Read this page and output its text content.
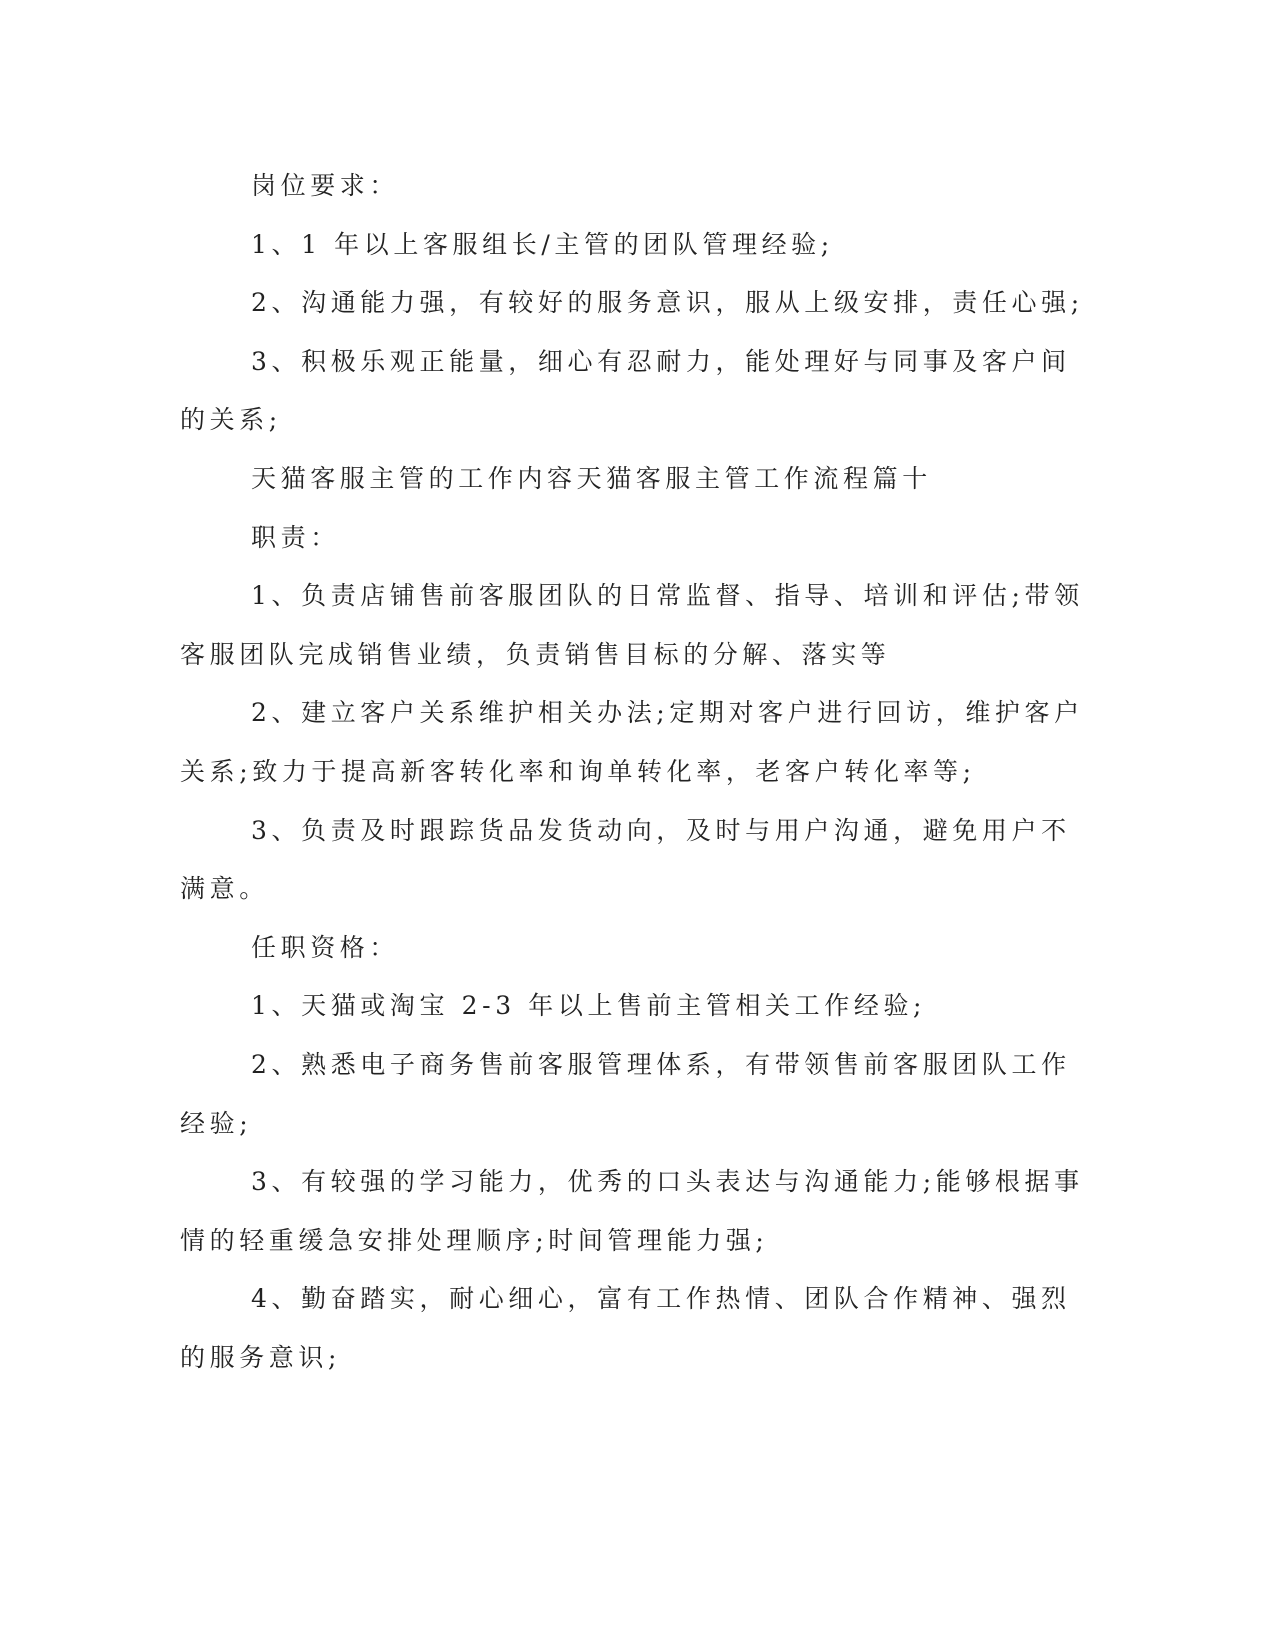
岗位要求：
1、1 年以上客服组长/主管的团队管理经验;
2、沟通能力强，有较好的服务意识，服从上级安排，责任心强;
3、积极乐观正能量，细心有忍耐力，能处理好与同事及客户间
的关系;
天猫客服主管的工作内容天猫客服主管工作流程篇十
职责：
1、负责店铺售前客服团队的日常监督、指导、培训和评估;带领
客服团队完成销售业绩，负责销售目标的分解、落实等
2、建立客户关系维护相关办法;定期对客户进行回访，维护客户
关系;致力于提高新客转化率和询单转化率，老客户转化率等;
3、负责及时跟踪货品发货动向，及时与用户沟通，避免用户不
满意。
任职资格：
1、天猫或淘宝 2-3 年以上售前主管相关工作经验;
2、熟悉电子商务售前客服管理体系，有带领售前客服团队工作
经验;
3、有较强的学习能力，优秀的口头表达与沟通能力;能够根据事
情的轻重缓急安排处理顺序;时间管理能力强;
4、勤奋踏实，耐心细心，富有工作热情、团队合作精神、强烈
的服务意识;
